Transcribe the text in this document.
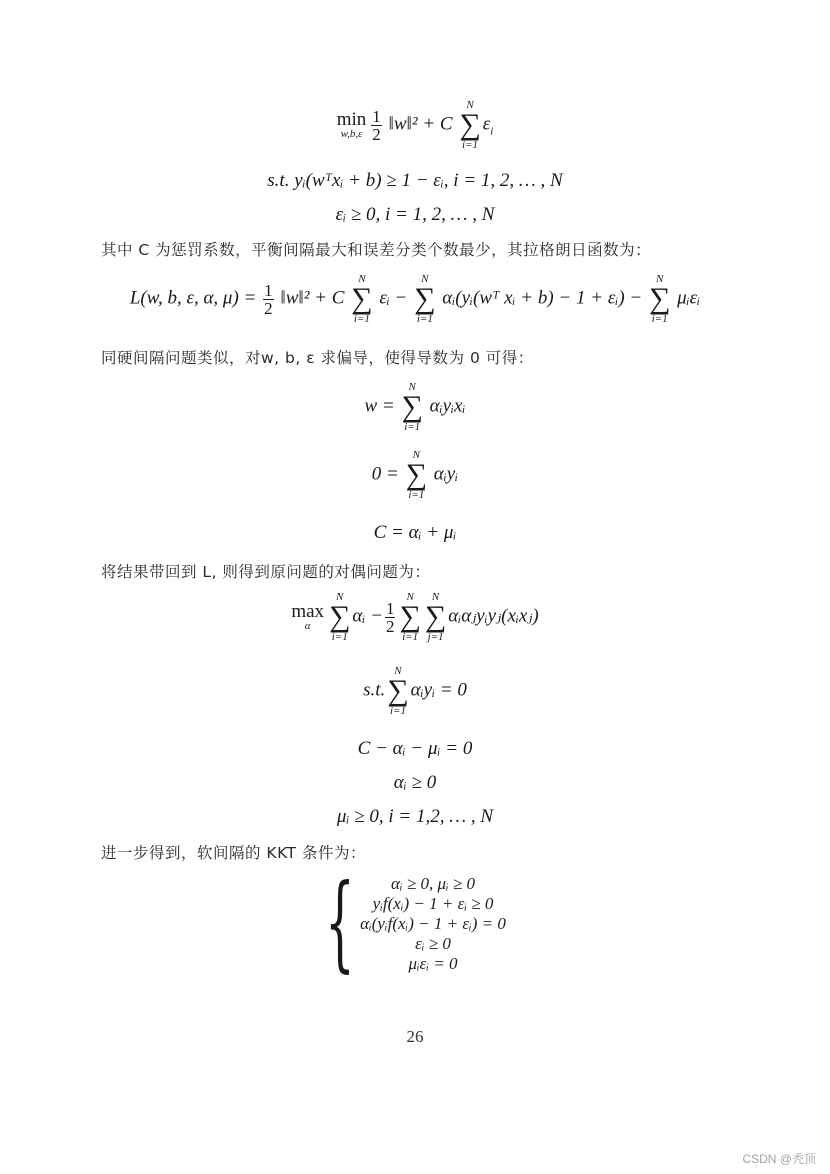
min
$w,b,\varepsilon \frac{1}{2}$ ‖w‖² + C
N
∑
i=1
$\varepsilon_i$
s.t. yᵢ(wᵀxᵢ + b) ≥ 1 − εᵢ, i = 1, 2, … , N
εᵢ ≥ 0, i = 1, 2, … , N
其中 C 为惩罚系数，平衡间隔最大和误差分类个数最少，其拉格朗日函数为：
L(w, b, ε, α, $\mu) = \frac{1}{2}$ ‖w‖² + C
N
∑
i=1
εᵢ −
N
∑
i=1
αᵢ(yᵢ(wᵀ xᵢ + b) − 1 + εᵢ) −
N
∑
i=1
μᵢεᵢ
同硬间隔问题类似，对w, b, ε 求偏导，使得导数为 0 可得：
w =
N
∑
i=1
αᵢyᵢxᵢ
0 =
N
∑
i=1
αᵢyᵢ
C = αᵢ + μᵢ
将结果带回到 L, 则得到原问题的对偶问题为：
max
α
N
∑
i=1
αᵢ − $\frac{1}{2}$
N
∑
i=1
N
∑
j=1
αᵢαⱼyᵢyⱼ(xᵢxⱼ)
s.t.
N
∑
i=1
αᵢyᵢ = 0
C − αᵢ − μᵢ = 0
αᵢ ≥ 0
μᵢ ≥ 0, i = 1,2, … , N
进一步得到，软间隔的 KKT 条件为：
{	αᵢ ≥ 0, μᵢ ≥ 0
yᵢf(xᵢ) − 1 + εᵢ ≥ 0
αᵢ(yᵢf(xᵢ) − 1 + εᵢ) = 0
εᵢ ≥ 0
μᵢεᵢ = 0
26
CSDN @秃顶
